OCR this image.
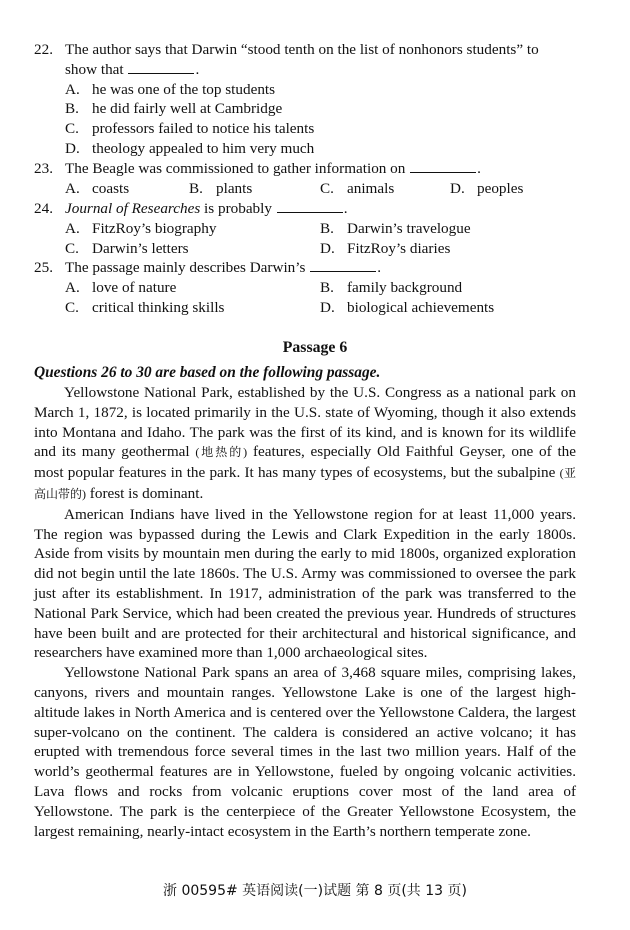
22. The author says that Darwin “stood tenth on the list of nonhonors students” to
show that	.
A. he was one of the top students
B. he did fairly well at Cambridge
C. professors failed to notice his talents
D. theology appealed to him very much
23. The Beagle was commissioned to gather information on	.
A. coasts	B. plants	C. animals	D. peoples
24. Journal of Researches is probably	.
A. FitzRoy’s biography	B. Darwin’s travelogue
C. Darwin’s letters	D. FitzRoy’s diaries
25. The passage mainly describes Darwin’s	.
A. love of nature	B. family background
C. critical thinking skills	D. biological achievements
Passage 6
Questions 26 to 30 are based on the following passage.

Yellowstone National Park, established by the U.S. Congress as a national park on March 1, 1872, is located primarily in the U.S. state of Wyoming, though it also extends into Montana and Idaho. The park was the first of its kind, and is known for its wildlife and its many geothermal (地热的) features, especially Old Faithful Geyser, one of the most popular features in the park. It has many types of ecosystems, but the subalpine (亚高山带的) forest is dominant.

American Indians have lived in the Yellowstone region for at least 11,000 years. The region was bypassed during the Lewis and Clark Expedition in the early 1800s. Aside from visits by mountain men during the early to mid 1800s, organized exploration did not begin until the late 1860s. The U.S. Army was commissioned to oversee the park just after its establishment. In 1917, administration of the park was transferred to the National Park Service, which had been created the previous year. Hundreds of structures have been built and are protected for their architectural and historical significance, and researchers have examined more than 1,000 archaeological sites.

Yellowstone National Park spans an area of 3,468 square miles, comprising lakes, canyons, rivers and mountain ranges. Yellowstone Lake is one of the largest high-altitude lakes in North America and is centered over the Yellowstone Caldera, the largest super-volcano on the continent. The caldera is considered an active volcano; it has erupted with tremendous force several times in the last two million years. Half of the world’s geothermal features are in Yellowstone, fueled by ongoing volcanic activities. Lava flows and rocks from volcanic eruptions cover most of the land area of Yellowstone. The park is the centerpiece of the Greater Yellowstone Ecosystem, the largest remaining, nearly-intact ecosystem in the Earth’s northern temperate zone.

浙 00595# 英语阅读(一)试题 第 8 页(共 13 页)
